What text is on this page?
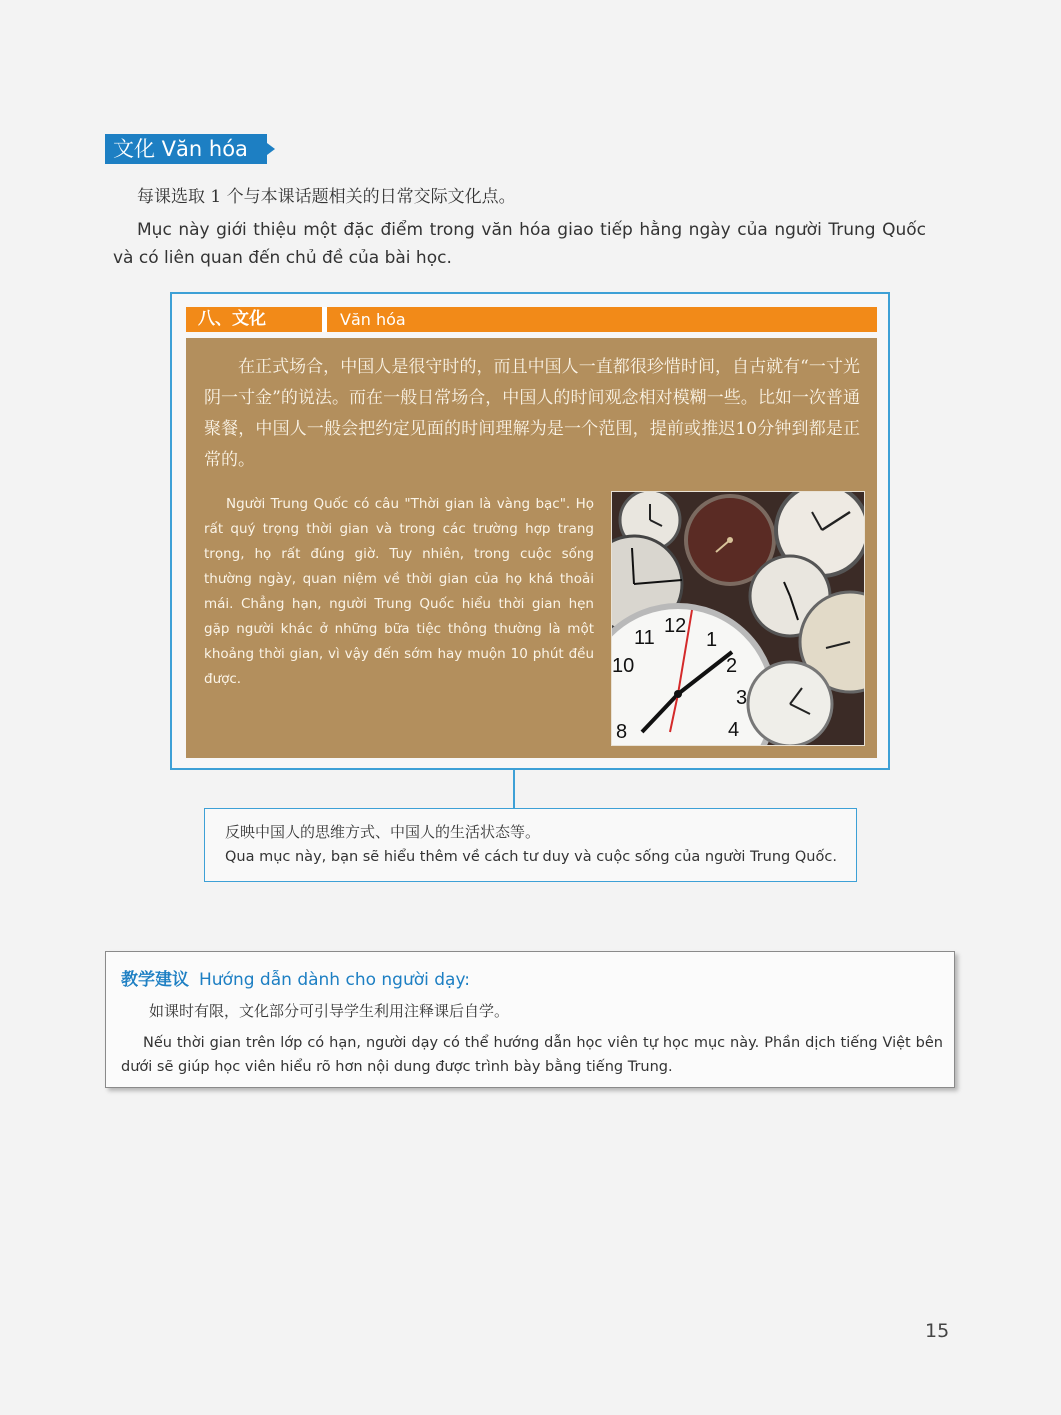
文化 Văn hóa
每课选取 1 个与本课话题相关的日常交际文化点。
Mục này giới thiệu một đặc điểm trong văn hóa giao tiếp hằng ngày của người Trung Quốc và có liên quan đến chủ đề của bài học.
八、文化	Văn hóa
在正式场合，中国人是很守时的，而且中国人一直都很珍惜时间，自古就有“一寸光阴一寸金”的说法。而在一般日常场合，中国人的时间观念相对模糊一些。比如一次普通聚餐，中国人一般会把约定见面的时间理解为是一个范围，提前或推迟10分钟到都是正常的。
Người Trung Quốc có câu "Thời gian là vàng bạc". Họ rất quý trọng thời gian và trong các trường hợp trang trọng, họ rất đúng giờ. Tuy nhiên, trong cuộc sống thường ngày, quan niệm về thời gian của họ khá thoải mái. Chẳng hạn, người Trung Quốc hiểu thời gian hẹn gặp người khác ở những bữa tiệc thông thường là một khoảng thời gian, vì vậy đến sớm hay muộn 10 phút đều được.
11
12
1
2
3
4
10
8
反映中国人的思维方式、中国人的生活状态等。
Qua mục này, bạn sẽ hiểu thêm về cách tư duy và cuộc sống của người Trung Quốc.
教学建议 Hướng dẫn dành cho người dạy:
如课时有限，文化部分可引导学生利用注释课后自学。
Nếu thời gian trên lớp có hạn, người dạy có thể hướng dẫn học viên tự học mục này. Phần dịch tiếng Việt bên dưới sẽ giúp học viên hiểu rõ hơn nội dung được trình bày bằng tiếng Trung.
15
